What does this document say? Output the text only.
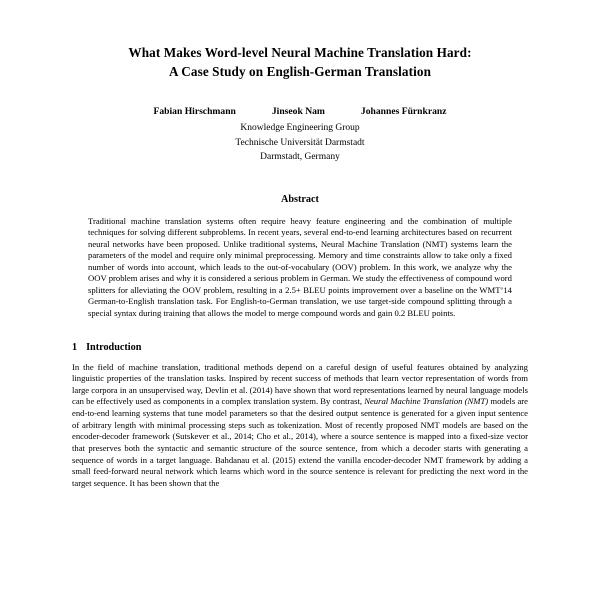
What Makes Word-level Neural Machine Translation Hard:
A Case Study on English-German Translation
Fabian Hirschmann	Jinseok Nam	Johannes Fürnkranz
Knowledge Engineering Group
Technische Universität Darmstadt
Darmstadt, Germany
Abstract
Traditional machine translation systems often require heavy feature engineering and the combination of multiple techniques for solving different subproblems. In recent years, several end-to-end learning architectures based on recurrent neural networks have been proposed. Unlike traditional systems, Neural Machine Translation (NMT) systems learn the parameters of the model and require only minimal preprocessing. Memory and time constraints allow to take only a fixed number of words into account, which leads to the out-of-vocabulary (OOV) problem. In this work, we analyze why the OOV problem arises and why it is considered a serious problem in German. We study the effectiveness of compound word splitters for alleviating the OOV problem, resulting in a 2.5+ BLEU points improvement over a baseline on the WMT’14 German-to-English translation task. For English-to-German translation, we use target-side compound splitting through a special syntax during training that allows the model to merge compound words and gain 0.2 BLEU points.
1 Introduction

In the field of machine translation, traditional methods depend on a careful design of useful features obtained by analyzing linguistic properties of the translation tasks. Inspired by recent success of methods that learn vector representation of words from large corpora in an unsupervised way, Devlin et al. (2014) have shown that word representations learned by neural language models can be effectively used as components in a complex translation system. By contrast, Neural Machine Translation (NMT) models are end-to-end learning systems that tune model parameters so that the desired output sentence is generated for a given input sentence of arbitrary length with minimal processing steps such as tokenization. Most of recently proposed NMT models are based on the encoder-decoder framework (Sutskever et al., 2014; Cho et al., 2014), where a source sentence is mapped into a fixed-size vector that preserves both the syntactic and semantic structure of the source sentence, from which a decoder starts with generating a sequence of words in a target language. Bahdanau et al. (2015) extend the vanilla encoder-decoder NMT framework by adding a small feed-forward neural network which learns which word in the source sentence is relevant for predicting the next word in the target sequence. It has been shown that the
